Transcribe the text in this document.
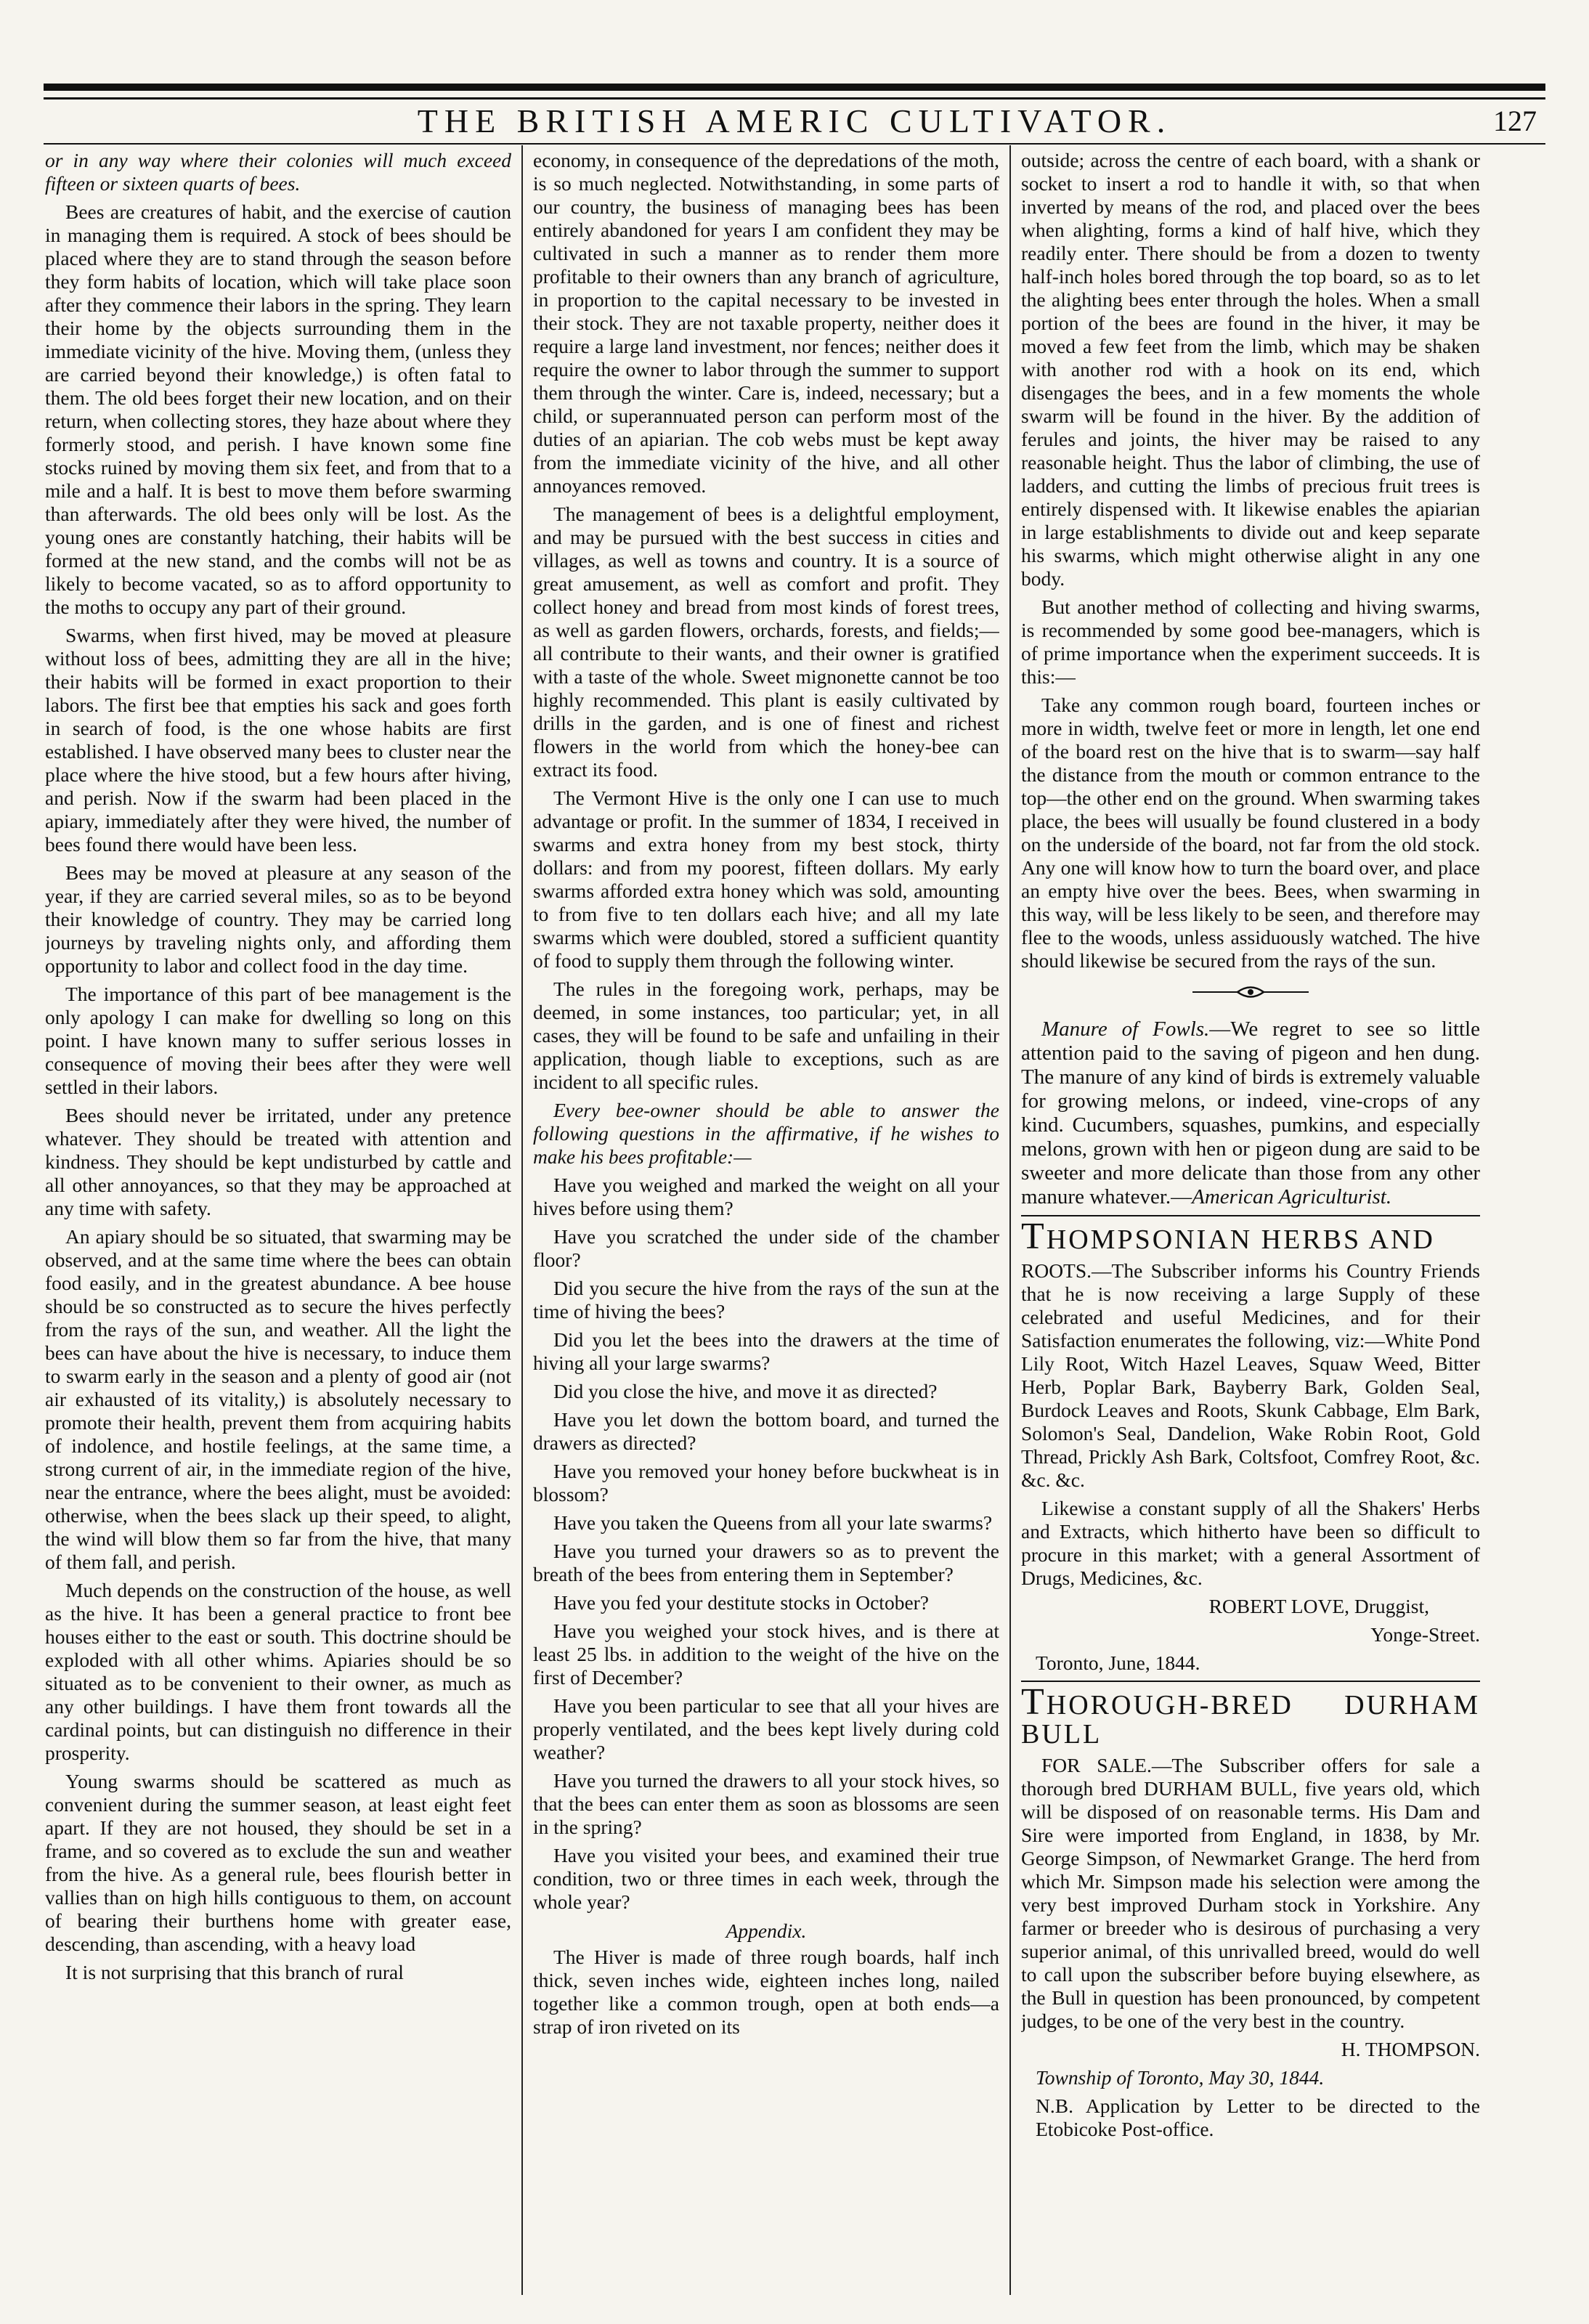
THE BRITISH AMERIC CULTIVATOR.	127

or in any way where their colonies will much exceed fifteen or sixteen quarts of bees.

Bees are creatures of habit, and the exercise of caution in managing them is required. A stock of bees should be placed where they are to stand through the season before they form habits of location, which will take place soon after they commence their labors in the spring. They learn their home by the objects surrounding them in the immediate vicinity of the hive. Moving them, (unless they are carried beyond their knowledge,) is often fatal to them. The old bees forget their new location, and on their return, when collecting stores, they haze about where they formerly stood, and perish. I have known some fine stocks ruined by moving them six feet, and from that to a mile and a half. It is best to move them before swarming than afterwards. The old bees only will be lost. As the young ones are constantly hatching, their habits will be formed at the new stand, and the combs will not be as likely to become vacated, so as to afford opportunity to the moths to occupy any part of their ground.

Swarms, when first hived, may be moved at pleasure without loss of bees, admitting they are all in the hive; their habits will be formed in exact proportion to their labors. The first bee that empties his sack and goes forth in search of food, is the one whose habits are first established. I have observed many bees to cluster near the place where the hive stood, but a few hours after hiving, and perish. Now if the swarm had been placed in the apiary, immediately after they were hived, the number of bees found there would have been less.

Bees may be moved at pleasure at any season of the year, if they are carried several miles, so as to be beyond their knowledge of country. They may be carried long journeys by traveling nights only, and affording them opportunity to labor and collect food in the day time.

The importance of this part of bee management is the only apology I can make for dwelling so long on this point. I have known many to suffer serious losses in consequence of moving their bees after they were well settled in their labors.

Bees should never be irritated, under any pretence whatever. They should be treated with attention and kindness. They should be kept undisturbed by cattle and all other annoyances, so that they may be approached at any time with safety.

An apiary should be so situated, that swarming may be observed, and at the same time where the bees can obtain food easily, and in the greatest abundance. A bee house should be so constructed as to secure the hives perfectly from the rays of the sun, and weather. All the light the bees can have about the hive is necessary, to induce them to swarm early in the season and a plenty of good air (not air exhausted of its vitality,) is absolutely necessary to promote their health, prevent them from acquiring habits of indolence, and hostile feelings, at the same time, a strong current of air, in the immediate region of the hive, near the entrance, where the bees alight, must be avoided: otherwise, when the bees slack up their speed, to alight, the wind will blow them so far from the hive, that many of them fall, and perish.

Much depends on the construction of the house, as well as the hive. It has been a general practice to front bee houses either to the east or south. This doctrine should be exploded with all other whims. Apiaries should be so situated as to be convenient to their owner, as much as any other buildings. I have them front towards all the cardinal points, but can distinguish no difference in their prosperity.

Young swarms should be scattered as much as convenient during the summer season, at least eight feet apart. If they are not housed, they should be set in a frame, and so covered as to exclude the sun and weather from the hive. As a general rule, bees flourish better in vallies than on high hills contiguous to them, on account of bearing their burthens home with greater ease, descending, than ascending, with a heavy load

It is not surprising that this branch of rural

economy, in consequence of the depredations of the moth, is so much neglected. Notwithstanding, in some parts of our country, the business of managing bees has been entirely abandoned for years I am confident they may be cultivated in such a manner as to render them more profitable to their owners than any branch of agriculture, in proportion to the capital necessary to be invested in their stock. They are not taxable property, neither does it require a large land investment, nor fences; neither does it require the owner to labor through the summer to support them through the winter. Care is, indeed, necessary; but a child, or superannuated person can perform most of the duties of an apiarian. The cob webs must be kept away from the immediate vicinity of the hive, and all other annoyances removed.

The management of bees is a delightful employment, and may be pursued with the best success in cities and villages, as well as towns and country. It is a source of great amusement, as well as comfort and profit. They collect honey and bread from most kinds of forest trees, as well as garden flowers, orchards, forests, and fields;—all contribute to their wants, and their owner is gratified with a taste of the whole. Sweet mignonette cannot be too highly recommended. This plant is easily cultivated by drills in the garden, and is one of finest and richest flowers in the world from which the honey-bee can extract its food.

The Vermont Hive is the only one I can use to much advantage or profit. In the summer of 1834, I received in swarms and extra honey from my best stock, thirty dollars: and from my poorest, fifteen dollars. My early swarms afforded extra honey which was sold, amounting to from five to ten dollars each hive; and all my late swarms which were doubled, stored a sufficient quantity of food to supply them through the following winter.

The rules in the foregoing work, perhaps, may be deemed, in some instances, too particular; yet, in all cases, they will be found to be safe and unfailing in their application, though liable to exceptions, such as are incident to all specific rules.

Every bee-owner should be able to answer the following questions in the affirmative, if he wishes to make his bees profitable:—

Have you weighed and marked the weight on all your hives before using them?

Have you scratched the under side of the chamber floor?

Did you secure the hive from the rays of the sun at the time of hiving the bees?

Did you let the bees into the drawers at the time of hiving all your large swarms?

Did you close the hive, and move it as directed?

Have you let down the bottom board, and turned the drawers as directed?

Have you removed your honey before buckwheat is in blossom?

Have you taken the Queens from all your late swarms?

Have you turned your drawers so as to prevent the breath of the bees from entering them in September?

Have you fed your destitute stocks in October?

Have you weighed your stock hives, and is there at least 25 lbs. in addition to the weight of the hive on the first of December?

Have you been particular to see that all your hives are properly ventilated, and the bees kept lively during cold weather?

Have you turned the drawers to all your stock hives, so that the bees can enter them as soon as blossoms are seen in the spring?

Have you visited your bees, and examined their true condition, two or three times in each week, through the whole year?

Appendix.

The Hiver is made of three rough boards, half inch thick, seven inches wide, eighteen inches long, nailed together like a common trough, open at both ends—a strap of iron riveted on its

outside; across the centre of each board, with a shank or socket to insert a rod to handle it with, so that when inverted by means of the rod, and placed over the bees when alighting, forms a kind of half hive, which they readily enter. There should be from a dozen to twenty half-inch holes bored through the top board, so as to let the alighting bees enter through the holes. When a small portion of the bees are found in the hiver, it may be moved a few feet from the limb, which may be shaken with another rod with a hook on its end, which disengages the bees, and in a few moments the whole swarm will be found in the hiver. By the addition of ferules and joints, the hiver may be raised to any reasonable height. Thus the labor of climbing, the use of ladders, and cutting the limbs of precious fruit trees is entirely dispensed with. It likewise enables the apiarian in large establishments to divide out and keep separate his swarms, which might otherwise alight in any one body.

But another method of collecting and hiving swarms, is recommended by some good bee-managers, which is of prime importance when the experiment succeeds. It is this:—

Take any common rough board, fourteen inches or more in width, twelve feet or more in length, let one end of the board rest on the hive that is to swarm—say half the distance from the mouth or common entrance to the top—the other end on the ground. When swarming takes place, the bees will usually be found clustered in a body on the underside of the board, not far from the old stock. Any one will know how to turn the board over, and place an empty hive over the bees. Bees, when swarming in this way, will be less likely to be seen, and therefore may flee to the woods, unless assiduously watched. The hive should likewise be secured from the rays of the sun.

Manure of Fowls.—We regret to see so little attention paid to the saving of pigeon and hen dung. The manure of any kind of birds is extremely valuable for growing melons, or indeed, vine-crops of any kind. Cucumbers, squashes, pumkins, and especially melons, grown with hen or pigeon dung are said to be sweeter and more delicate than those from any other manure whatever.—American Agriculturist.

THOMPSONIAN HERBS AND

ROOTS.—The Subscriber informs his Country Friends that he is now receiving a large Supply of these celebrated and useful Medicines, and for their Satisfaction enumerates the following, viz:—White Pond Lily Root, Witch Hazel Leaves, Squaw Weed, Bitter Herb, Poplar Bark, Bayberry Bark, Golden Seal, Burdock Leaves and Roots, Skunk Cabbage, Elm Bark, Solomon's Seal, Dandelion, Wake Robin Root, Gold Thread, Prickly Ash Bark, Coltsfoot, Comfrey Root, &c. &c. &c.

Likewise a constant supply of all the Shakers' Herbs and Extracts, which hitherto have been so difficult to procure in this market; with a general Assortment of Drugs, Medicines, &c.

ROBERT LOVE, Druggist,

Yonge-Street.

Toronto, June, 1844.

THOROUGH-BRED DURHAM BULL

FOR SALE.—The Subscriber offers for sale a thorough bred DURHAM BULL, five years old, which will be disposed of on reasonable terms. His Dam and Sire were imported from England, in 1838, by Mr. George Simpson, of Newmarket Grange. The herd from which Mr. Simpson made his selection were among the very best improved Durham stock in Yorkshire. Any farmer or breeder who is desirous of purchasing a very superior animal, of this unrivalled breed, would do well to call upon the subscriber before buying elsewhere, as the Bull in question has been pronounced, by competent judges, to be one of the very best in the country.

H. THOMPSON.

Township of Toronto, May 30, 1844.

N.B. Application by Letter to be directed to the Etobicoke Post-office.
